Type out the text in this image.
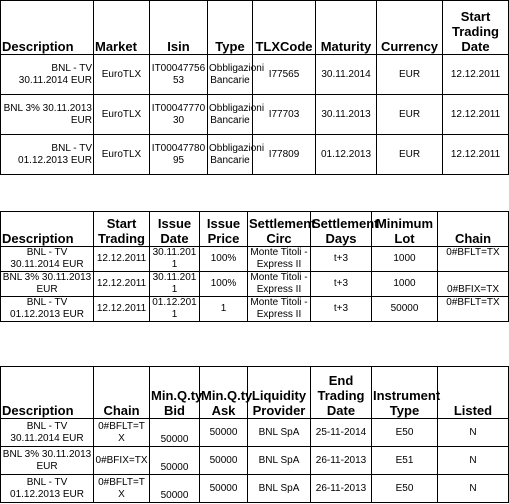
Description	Market	Isin	Type	TLXCode	Maturity	Currency	Start Trading Date
BNL - TV 30.11.2014 EUR	EuroTLX	IT0004775653	Obbligazioni Bancarie	I77565	30.11.2014	EUR	12.12.2011
BNL 3% 30.11.2013 EUR	EuroTLX	IT0004777030	Obbligazioni Bancarie	I77703	30.11.2013	EUR	12.12.2011
BNL - TV 01.12.2013 EUR	EuroTLX	IT0004778095	Obbligazioni Bancarie	I77809	01.12.2013	EUR	12.12.2011
Description	Start Trading	Issue Date	Issue Price	Settlement Circ	Settlement Days	Minimum Lot	Chain
BNL - TV 30.11.2014 EUR	12.12.2011	30.11.2011	100%	Monte Titoli - Express II	t+3	1000	0#BFLT=TX
BNL 3% 30.11.2013 EUR	12.12.2011	30.11.2011	100%	Monte Titoli - Express II	t+3	1000	0#BFIX=TX
BNL - TV 01.12.2013 EUR	12.12.2011	01.12.2011	1	Monte Titoli - Express II	t+3	50000	0#BFLT=TX
Description	Chain	Min.Q.ty Bid	Min.Q.ty Ask	Liquidity Provider	End Trading Date	Instrument Type	Listed
BNL - TV 30.11.2014 EUR	0#BFLT=TX	50000	50000	BNL SpA	25-11-2014	E50	N
BNL 3% 30.11.2013 EUR	0#BFIX=TX	50000	50000	BNL SpA	26-11-2013	E51	N
BNL - TV 01.12.2013 EUR	0#BFLT=TX	50000	50000	BNL SpA	26-11-2013	E50	N
